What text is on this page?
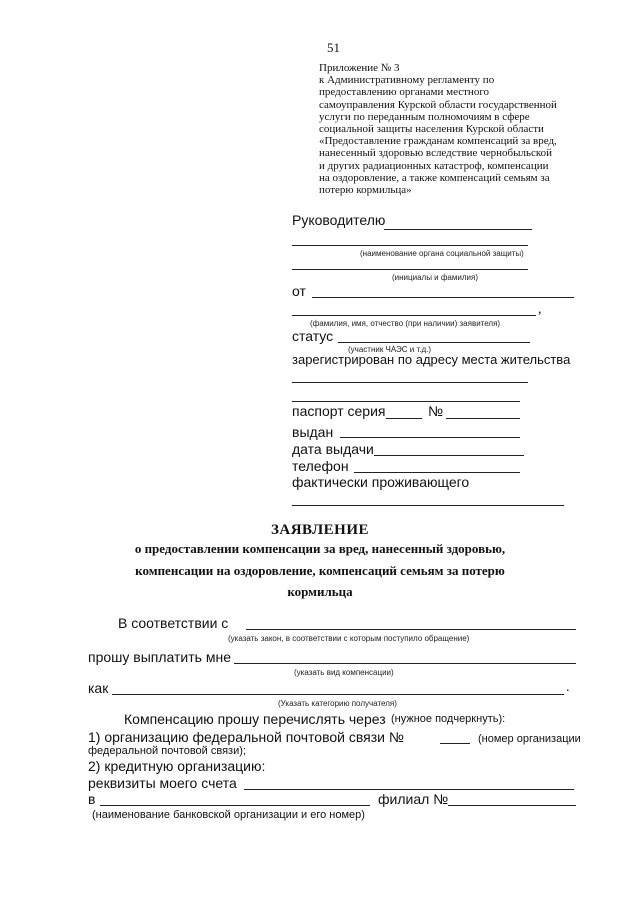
51
Приложение № 3
к Административному регламенту по
предоставлению органами местного
самоуправления Курской области государственной
услуги по переданным полномочиям в сфере
социальной защиты населения Курской области
«Предоставление гражданам компенсаций за вред,
нанесенный здоровью вследствие чернобыльской
и других радиационных катастроф, компенсации
на оздоровление, а также компенсаций семьям за
потерю кормильца»
Руководителю
(наименование органа социальной защиты)
(инициалы и фамилия)
от
,
(фамилия, имя, отчество (при наличии) заявителя)
статус
(участник ЧАЭС и т.д.)
зарегистрирован по адресу места жительства
паспорт серия	№
выдан
дата выдачи
телефон
фактически проживающего
ЗАЯВЛЕНИЕ
о предоставлении компенсации за вред, нанесенный здоровью,
компенсации на оздоровление, компенсаций семьям за потерю
кормильца
В соответствии с
(указать закон, в соответствии с которым поступило обращение)
прошу выплатить мне
(указать вид компенсации)
как	.
(Указать категорию получателя)
Компенсацию прошу перечислять через (нужное подчеркнуть):
1) организацию федеральной почтовой связи №	(номер организации
федеральной почтовой связи);
2) кредитную организацию:
реквизиты моего счета
в	филиал №
(наименование банковской организации и его номер)
